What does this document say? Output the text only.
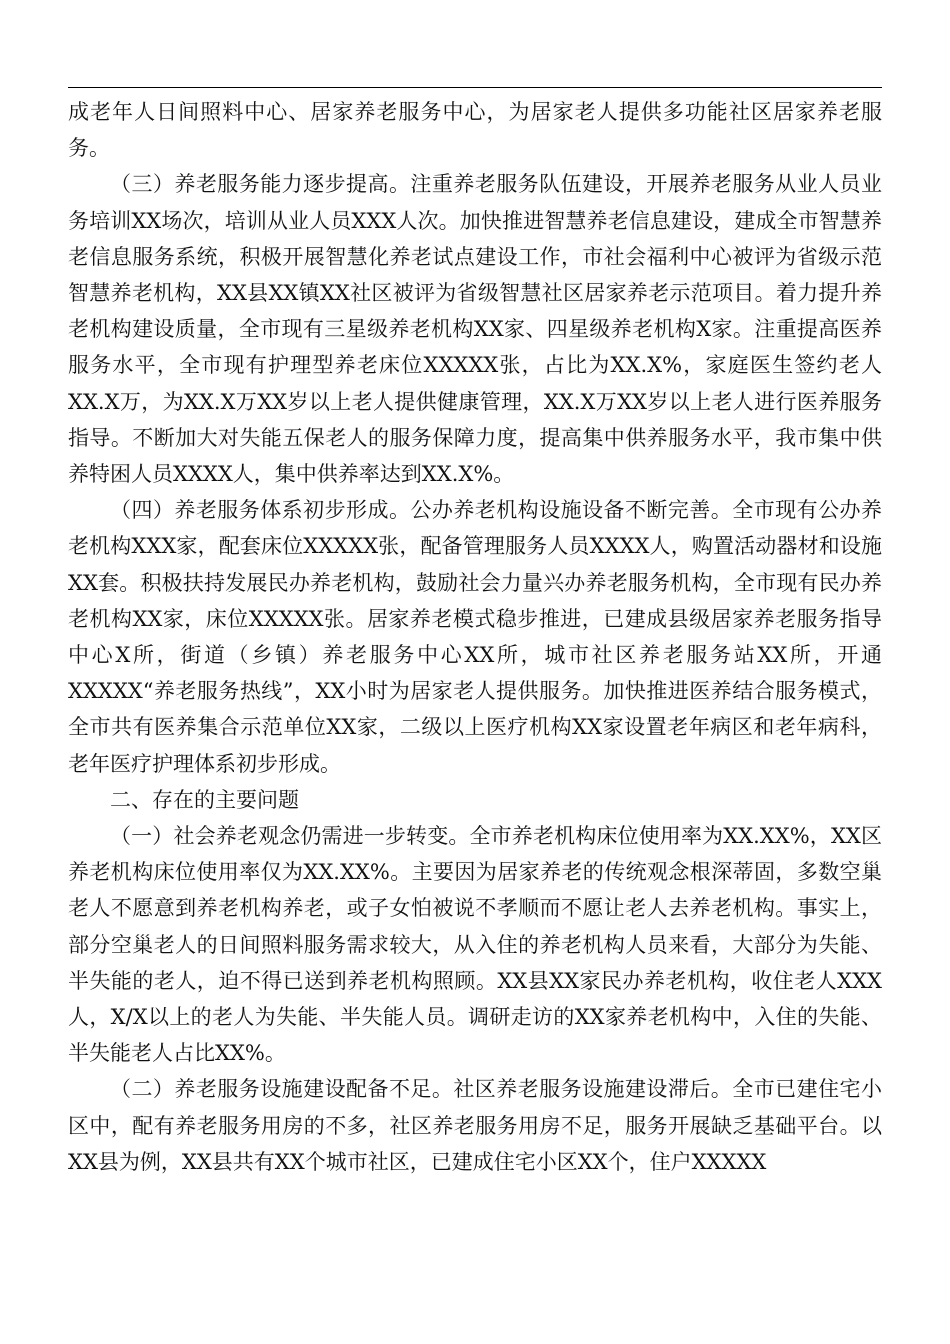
成老年人日间照料中心、居家养老服务中心，为居家老人提供多功能社区居家养老服务。

（三）养老服务能力逐步提高。注重养老服务队伍建设，开展养老服务从业人员业务培训XX场次，培训从业人员XXX人次。加快推进智慧养老信息建设，建成全市智慧养老信息服务系统，积极开展智慧化养老试点建设工作，市社会福利中心被评为省级示范智慧养老机构，XX县XX镇XX社区被评为省级智慧社区居家养老示范项目。着力提升养老机构建设质量，全市现有三星级养老机构XX家、四星级养老机构X家。注重提高医养服务水平，全市现有护理型养老床位XXXXX张，占比为XX.X%，家庭医生签约老人XX.X万，为XX.X万XX岁以上老人提供健康管理，XX.X万XX岁以上老人进行医养服务指导。不断加大对失能五保老人的服务保障力度，提高集中供养服务水平，我市集中供养特困人员XXXX人，集中供养率达到XX.X%。

（四）养老服务体系初步形成。公办养老机构设施设备不断完善。全市现有公办养老机构XXX家，配套床位XXXXX张，配备管理服务人员XXXX人，购置活动器材和设施XX套。积极扶持发展民办养老机构，鼓励社会力量兴办养老服务机构，全市现有民办养老机构XX家，床位XXXXX张。居家养老模式稳步推进，已建成县级居家养老服务指导中心X所，街道（乡镇）养老服务中心XX所，城市社区养老服务站XX所，开通XXXXX“养老服务热线”，XX小时为居家老人提供服务。加快推进医养结合服务模式，全市共有医养集合示范单位XX家，二级以上医疗机构XX家设置老年病区和老年病科，老年医疗护理体系初步形成。

二、存在的主要问题

（一）社会养老观念仍需进一步转变。全市养老机构床位使用率为XX.XX%，XX区养老机构床位使用率仅为XX.XX%。主要因为居家养老的传统观念根深蒂固，多数空巢老人不愿意到养老机构养老，或子女怕被说不孝顺而不愿让老人去养老机构。事实上，部分空巢老人的日间照料服务需求较大，从入住的养老机构人员来看，大部分为失能、半失能的老人，迫不得已送到养老机构照顾。XX县XX家民办养老机构，收住老人XXX人，X/X以上的老人为失能、半失能人员。调研走访的XX家养老机构中，入住的失能、半失能老人占比XX%。

（二）养老服务设施建设配备不足。社区养老服务设施建设滞后。全市已建住宅小区中，配有养老服务用房的不多，社区养老服务用房不足，服务开展缺乏基础平台。以XX县为例，XX县共有XX个城市社区，已建成住宅小区XX个，住户XXXXX
